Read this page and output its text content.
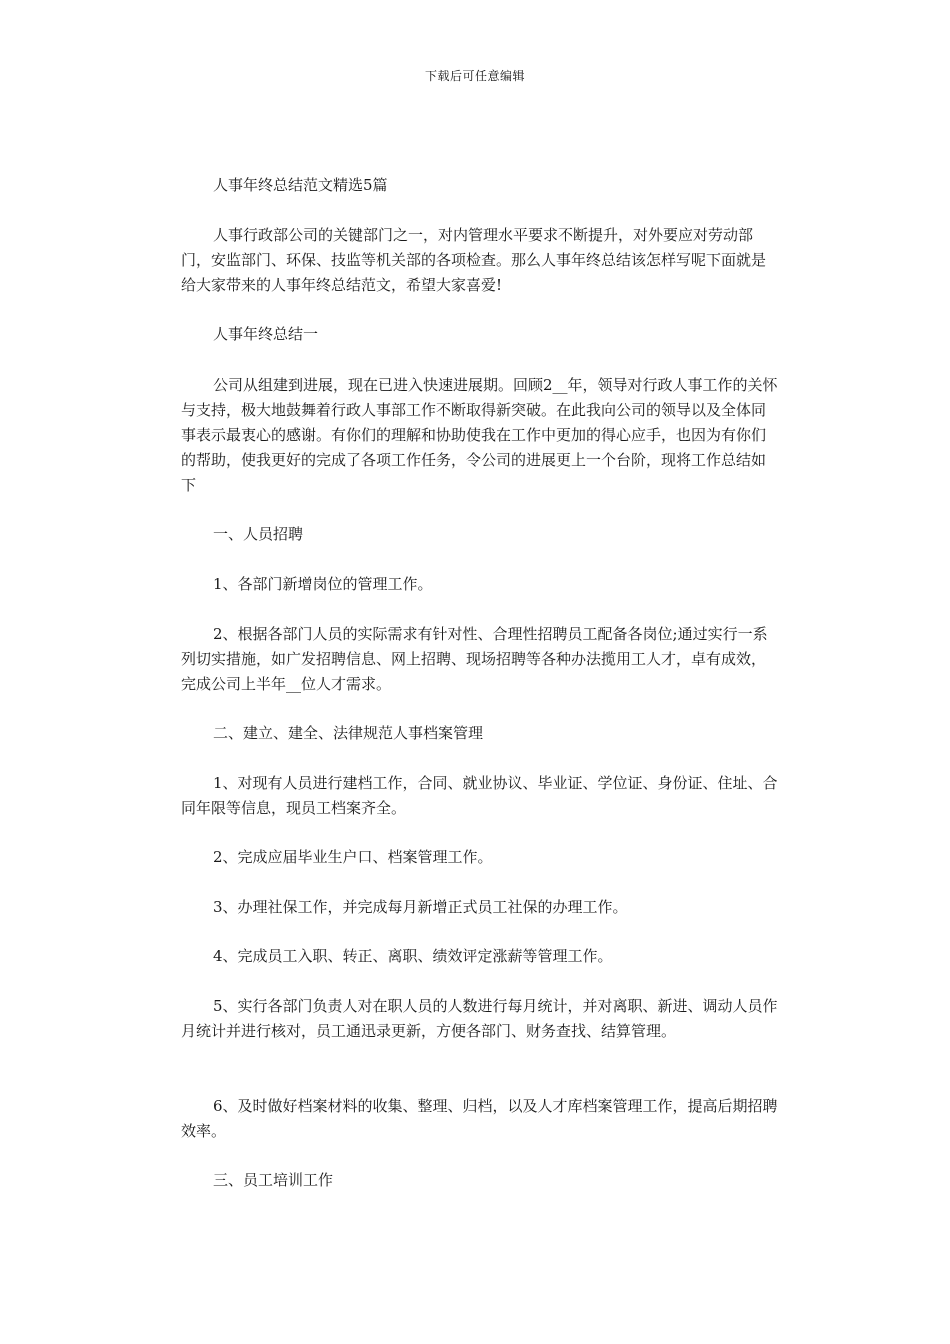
下载后可任意编辑

人事年终总结范文精选5篇

人事行政部公司的关键部门之一，对内管理水平要求不断提升，对外要应对劳动部门，安监部门、环保、技监等机关部的各项检查。那么人事年终总结该怎样写呢下面就是给大家带来的人事年终总结范文，希望大家喜爱!

人事年终总结一

公司从组建到进展，现在已进入快速进展期。回顾2__年，领导对行政人事工作的关怀与支持，极大地鼓舞着行政人事部工作不断取得新突破。在此我向公司的领导以及全体同事表示最衷心的感谢。有你们的理解和协助使我在工作中更加的得心应手，也因为有你们的帮助，使我更好的完成了各项工作任务，令公司的进展更上一个台阶，现将工作总结如下

一、人员招聘

1、各部门新增岗位的管理工作。

2、根据各部门人员的实际需求有针对性、合理性招聘员工配备各岗位;通过实行一系列切实措施，如广发招聘信息、网上招聘、现场招聘等各种办法揽用工人才，卓有成效，完成公司上半年__位人才需求。

二、建立、建全、法律规范人事档案管理

1、对现有人员进行建档工作，合同、就业协议、毕业证、学位证、身份证、住址、合同年限等信息，现员工档案齐全。

2、完成应届毕业生户口、档案管理工作。

3、办理社保工作，并完成每月新增正式员工社保的办理工作。

4、完成员工入职、转正、离职、绩效评定涨薪等管理工作。

5、实行各部门负责人对在职人员的人数进行每月统计，并对离职、新进、调动人员作月统计并进行核对，员工通迅录更新，方便各部门、财务查找、结算管理。

6、及时做好档案材料的收集、整理、归档，以及人才库档案管理工作，提高后期招聘效率。

三、员工培训工作
